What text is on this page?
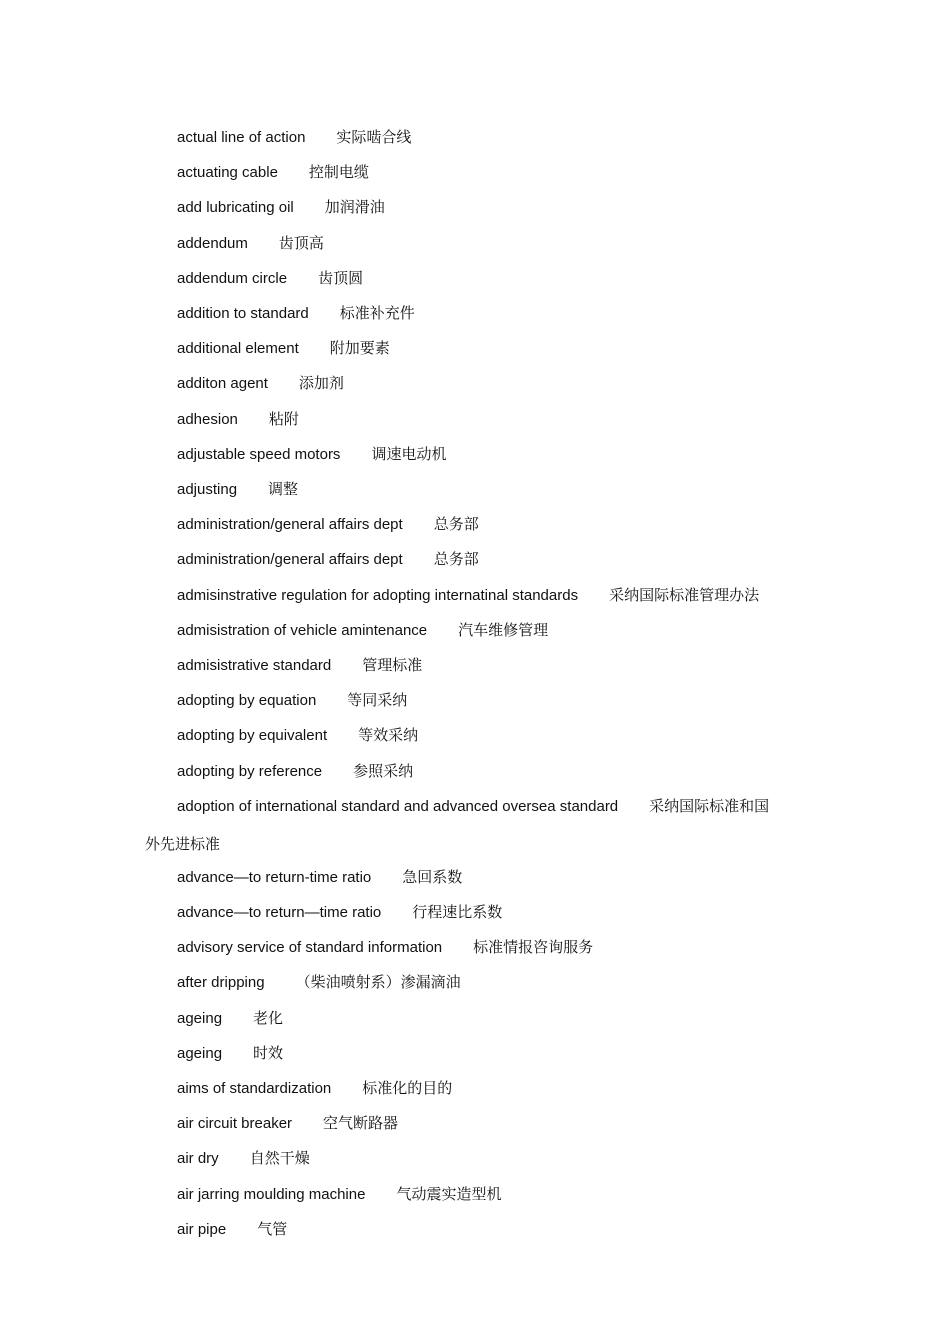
actual line of action 实际啮合线
actuating cable 控制电缆
add lubricating oil 加润滑油
addendum 齿顶高
addendum circle 齿顶圆
addition to standard 标准补充件
additional element 附加要素
additon agent 添加剂
adhesion 粘附
adjustable speed motors 调速电动机
adjusting 调整
administration/general affairs dept 总务部
administration/general affairs dept 总务部
admisinstrative regulation for adopting internatinal standards 采纳国际标准管理办法
admisistration of vehicle amintenance 汽车维修管理
admisistrative standard 管理标准
adopting by equation 等同采纳
adopting by equivalent 等效采纳
adopting by reference 参照采纳
adoption of international standard and advanced oversea standard 采纳国际标准和国
外先进标准
advance—to return-time ratio 急回系数
advance—to return—time ratio 行程速比系数
advisory service of standard information 标准情报咨询服务
after dripping （柴油喷射系）渗漏滴油
ageing 老化
ageing 时效
aims of standardization 标准化的目的
air circuit breaker 空气断路器
air dry 自然干燥
air jarring moulding machine 气动震实造型机
air pipe 气管
